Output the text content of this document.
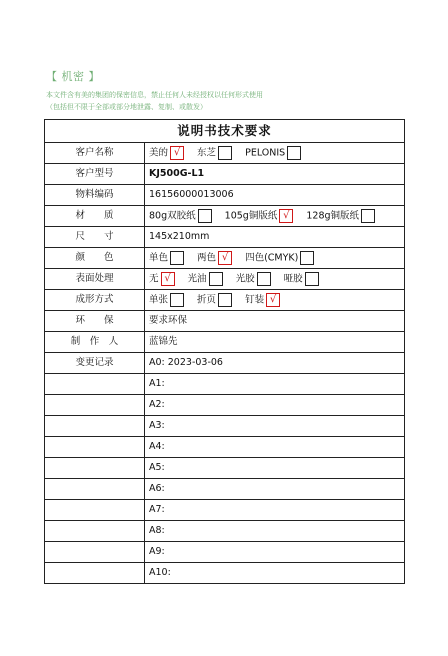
【 机密 】
本文件含有美的集团的保密信息，禁止任何人未经授权以任何形式使用
（包括但不限于全部或部分地泄露、复制、或散发）
说明书技术要求	
客户名称	美的 √ 东芝 PELONIS
客户型号	KJ500G-L1
物料编码	16156000013006
材　　质	80g双胶纸 105g铜版纸 √ 128g铜版纸
尺　　寸	145x210mm
颜　　色	单色 两色 √ 四色(CMYK)
表面处理	无 √ 光油 光胶 哑胶
成形方式	单张 折页 钉装 √
环　　保	要求环保
制　作　人	蓝锦先
变更记录	A0: 2023-03-06
	A1:
	A2:
	A3:
	A4:
	A5:
	A6:
	A7:
	A8:
	A9:
	A10:
